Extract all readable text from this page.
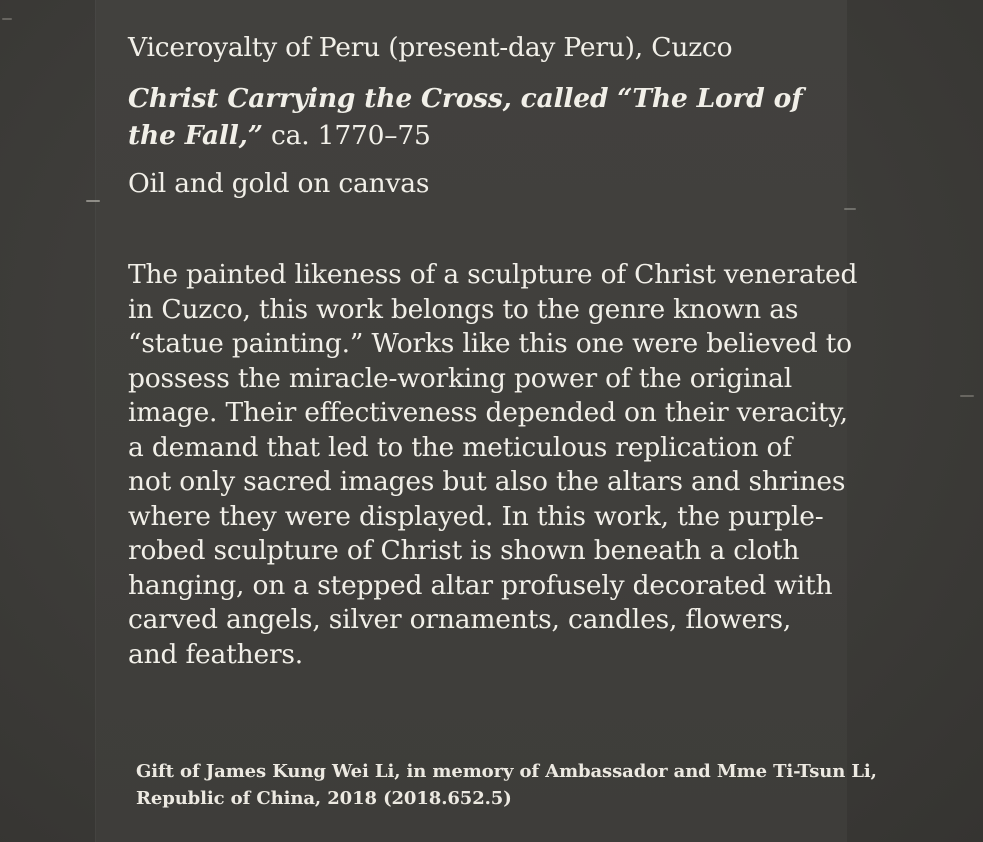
Viceroyalty of Peru (present-day Peru), Cuzco

Christ Carrying the Cross, called “The Lord of
the Fall,” ca. 1770–75

Oil and gold on canvas

The painted likeness of a sculpture of Christ venerated
in Cuzco, this work belongs to the genre known as
“statue painting.” Works like this one were believed to
possess the miracle-working power of the original
image. Their effectiveness depended on their veracity,
a demand that led to the meticulous replication of
not only sacred images but also the altars and shrines
where they were displayed. In this work, the purple-
robed sculpture of Christ is shown beneath a cloth
hanging, on a stepped altar profusely decorated with
carved angels, silver ornaments, candles, flowers,
and feathers.

Gift of James Kung Wei Li, in memory of Ambassador and Mme Ti-Tsun Li,
Republic of China, 2018 (2018.652.5)
